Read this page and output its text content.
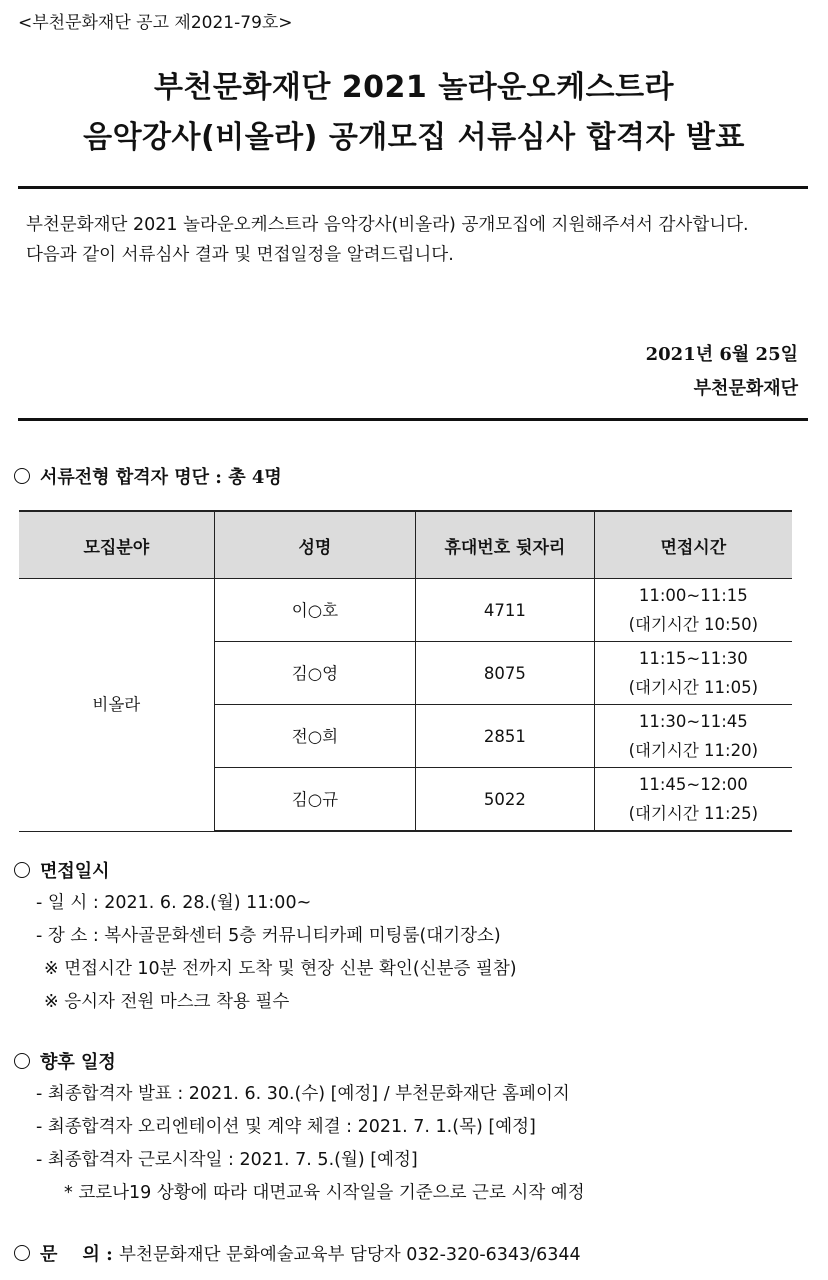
<부천문화재단 공고 제2021-79호>
부천문화재단 2021 놀라운오케스트라
음악강사(비올라) 공개모집 서류심사 합격자 발표
부천문화재단 2021 놀라운오케스트라 음악강사(비올라) 공개모집에 지원해주셔서 감사합니다.
다음과 같이 서류심사 결과 및 면접일정을 알려드립니다.
2021년 6월 25일
부천문화재단
서류전형 합격자 명단 : 총 4명
모집분야	성명	휴대번호 뒷자리	면접시간
비올라	이○호	4711	11:00~11:15
(대기시간 10:50)

	김○영	8075	11:15~11:30
(대기시간 11:05)

	전○희	2851	11:30~11:45
(대기시간 11:20)

	김○규	5022	11:45~12:00
(대기시간 11:25)
면접일시
- 일 시 : 2021. 6. 28.(월) 11:00~
- 장 소 : 복사골문화센터 5층 커뮤니티카페 미팅룸(대기장소)
※ 면접시간 10분 전까지 도착 및 현장 신분 확인(신분증 필참)
※ 응시자 전원 마스크 착용 필수
향후 일정
- 최종합격자 발표 : 2021. 6. 30.(수) [예정] / 부천문화재단 홈페이지
- 최종합격자 오리엔테이션 및 계약 체결 : 2021. 7. 1.(목) [예정]
- 최종합격자 근로시작일 : 2021. 7. 5.(월) [예정]
* 코로나19 상황에 따라 대면교육 시작일을 기준으로 근로 시작 예정
문    의 : 부천문화재단 문화예술교육부 담당자 032-320-6343/6344
